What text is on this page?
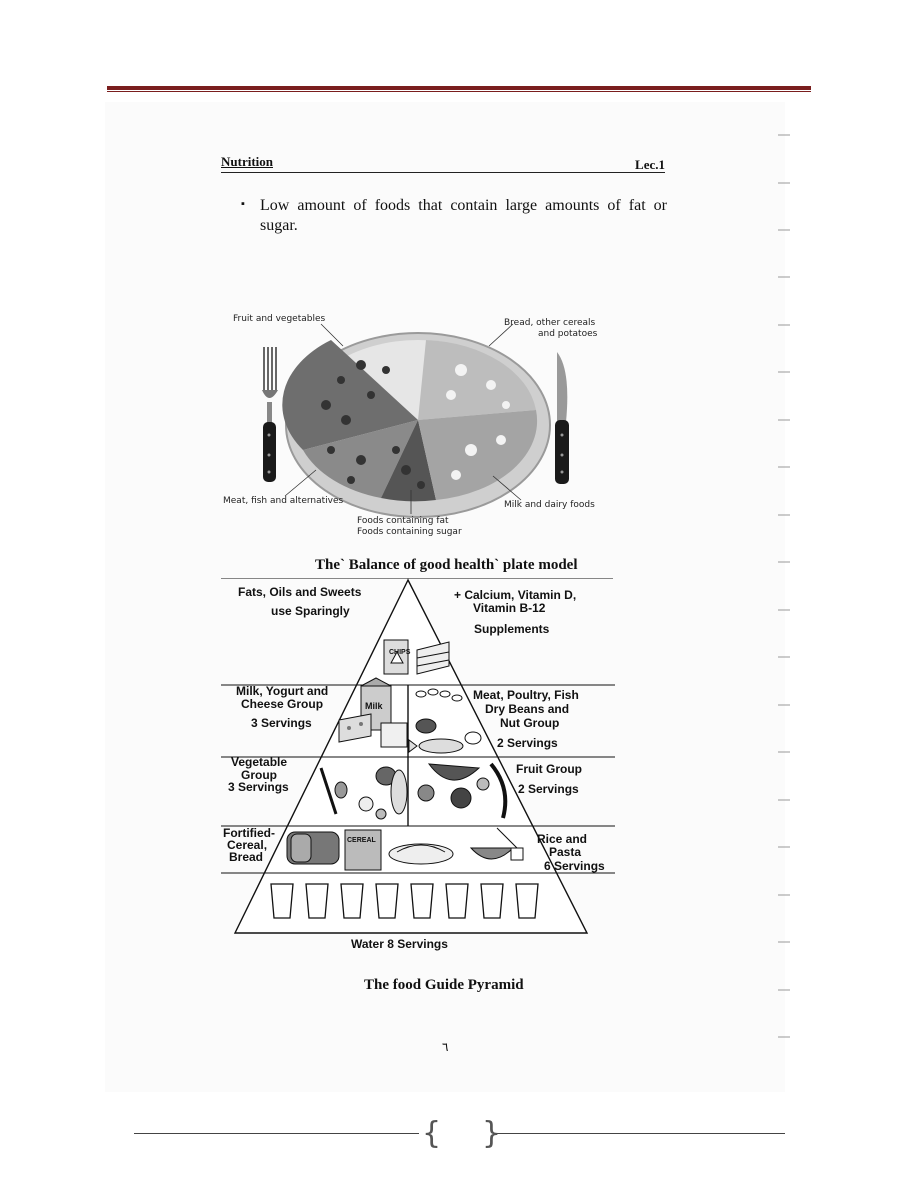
Nutrition	Lec.1
▪ Low amount of foods that contain large amounts of fat or sugar.
Fruit and vegetables	Bread, other cereals
and potatoes
Meat, fish and alternatives	Milk and dairy foods
Foods containing fat
Foods containing sugar
The` Balance of good health` plate model
Fats, Oils and Sweets
use Sparingly
+ Calcium, Vitamin D,
Vitamin B-12
Supplements
Milk, Yogurt and
Cheese Group
3 Servings
Meat, Poultry, Fish
Dry Beans and
Nut Group
2 Servings
Vegetable
Group
3 Servings
Fruit Group
2 Servings
Fortified-
Cereal,
Bread
Rice and
Pasta
6 Servings
CHIPS
Milk
CEREAL
Water 8 Servings
The food Guide Pyramid
٦
{ }
